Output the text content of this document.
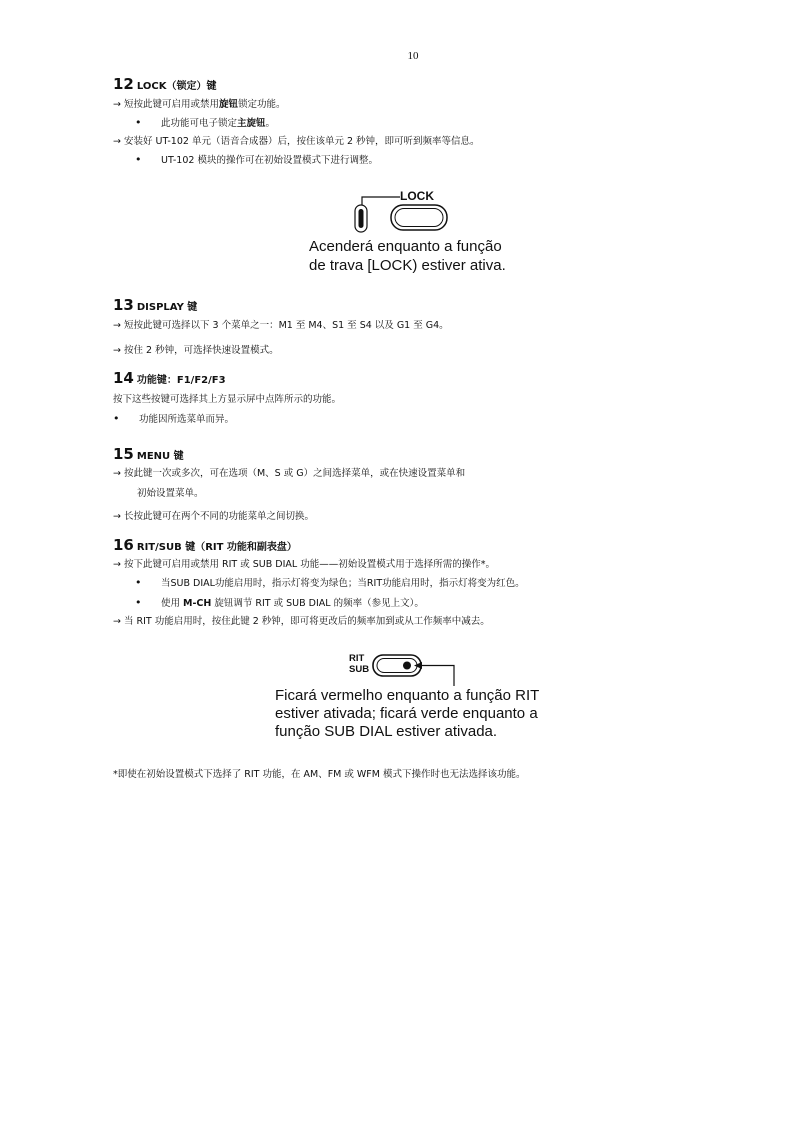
10
12 LOCK（锁定）键
→ 短按此键可启用或禁用旋钮锁定功能。
• 此功能可电子锁定主旋钮。
→ 安装好 UT-102 单元（语音合成器）后，按住该单元 2 秒钟，即可听到频率等信息。
• UT-102 模块的操作可在初始设置模式下进行调整。
LOCK
Acenderá enquanto a função
de trava [LOCK) estiver ativa.
13 DISPLAY 键
→ 短按此键可选择以下 3 个菜单之一：M1 至 M4、S1 至 S4 以及 G1 至 G4。
→ 按住 2 秒钟，可选择快速设置模式。
14 功能键：F1/F2/F3
按下这些按键可选择其上方显示屏中点阵所示的功能。
• 功能因所选菜单而异。
15 MENU 键
→ 按此键一次或多次，可在选项（M、S 或 G）之间选择菜单，或在快速设置菜单和
初始设置菜单。
→ 长按此键可在两个不同的功能菜单之间切换。
16 RIT/SUB 键（RIT 功能和副表盘）
→ 按下此键可启用或禁用 RIT 或 SUB DIAL 功能——初始设置模式用于选择所需的操作*。
• 当SUB DIAL功能启用时，指示灯将变为绿色；当RIT功能启用时，指示灯将变为红色。
• 使用 M-CH 旋钮调节 RIT 或 SUB DIAL 的频率（参见上文）。
→ 当 RIT 功能启用时，按住此键 2 秒钟，即可将更改后的频率加到或从工作频率中减去。
RIT
SUB
Ficará vermelho enquanto a função RIT
estiver ativada; ficará verde enquanto a
função SUB DIAL estiver ativada.
*即使在初始设置模式下选择了 RIT 功能，在 AM、FM 或 WFM 模式下操作时也无法选择该功能。
